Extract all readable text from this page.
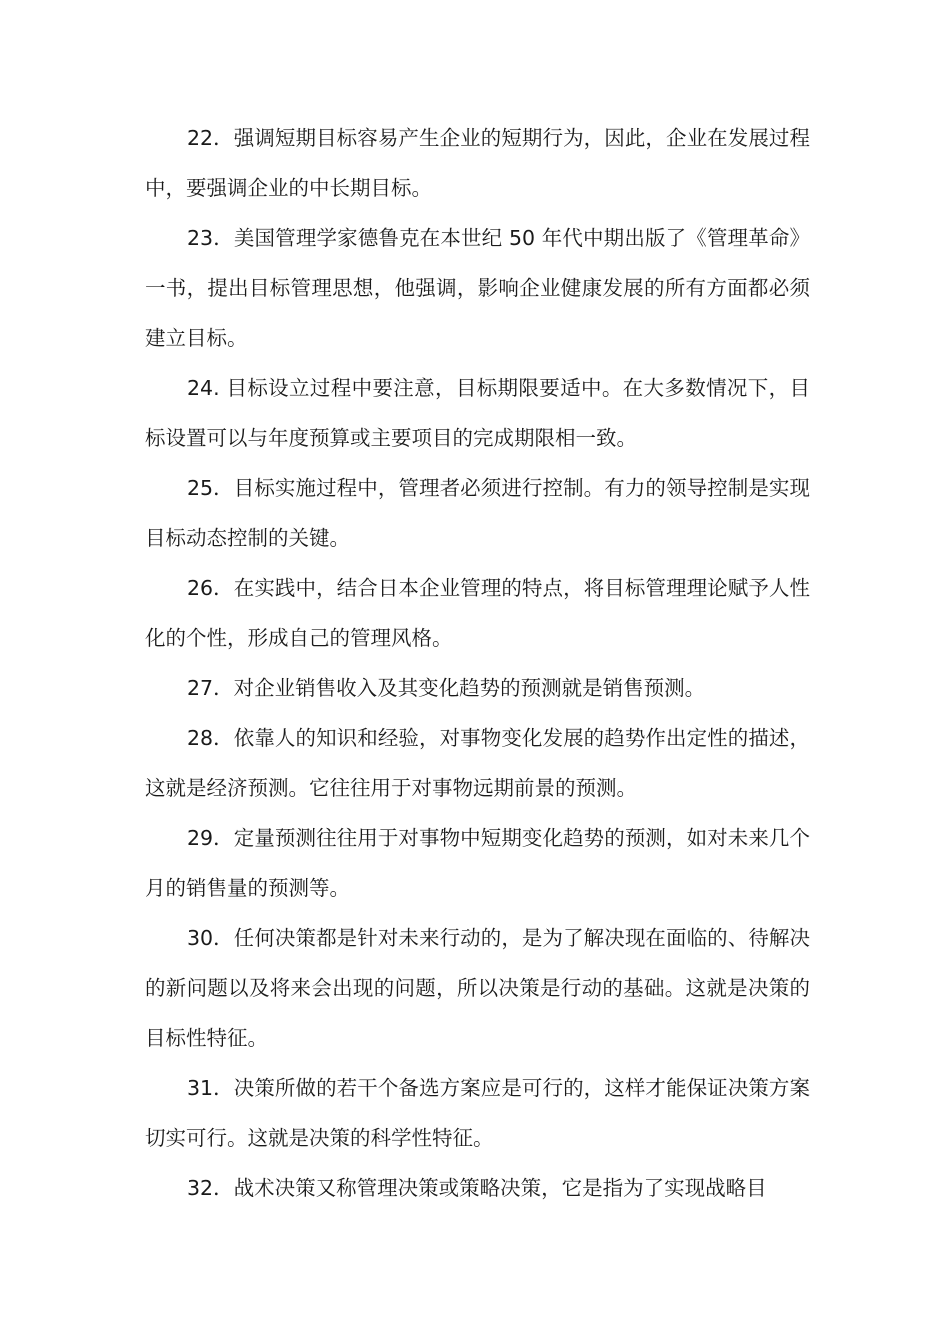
22．强调短期目标容易产生企业的短期行为，因此，企业在发展过程中，要强调企业的中长期目标。

23．美国管理学家德鲁克在本世纪 50 年代中期出版了《管理革命》一书，提出目标管理思想，他强调，影响企业健康发展的所有方面都必须建立目标。

24. 目标设立过程中要注意，目标期限要适中。在大多数情况下，目标设置可以与年度预算或主要项目的完成期限相一致。

25．目标实施过程中，管理者必须进行控制。有力的领导控制是实现目标动态控制的关键。

26．在实践中，结合日本企业管理的特点，将目标管理理论赋予人性化的个性，形成自己的管理风格。

27．对企业销售收入及其变化趋势的预测就是销售预测。

28．依靠人的知识和经验，对事物变化发展的趋势作出定性的描述，这就是经济预测。它往往用于对事物远期前景的预测。

29．定量预测往往用于对事物中短期变化趋势的预测，如对未来几个月的销售量的预测等。

30．任何决策都是针对未来行动的，是为了解决现在面临的、待解决的新问题以及将来会出现的问题，所以决策是行动的基础。这就是决策的目标性特征。

31．决策所做的若干个备选方案应是可行的，这样才能保证决策方案切实可行。这就是决策的科学性特征。

32．战术决策又称管理决策或策略决策，它是指为了实现战略目
